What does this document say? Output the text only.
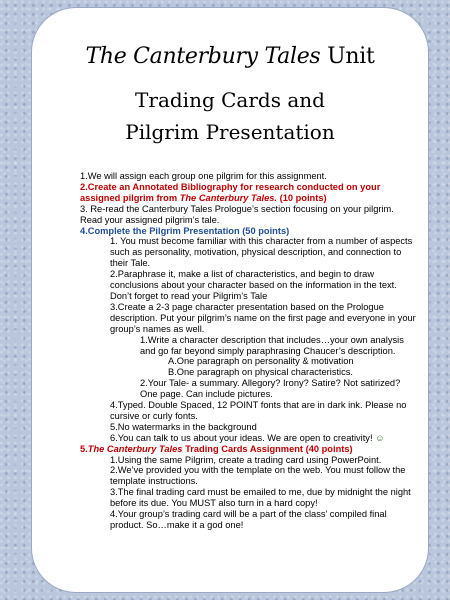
The Canterbury Tales Unit
Trading Cards and
Pilgrim Presentation

1.We will assign each group one pilgrim for this assignment.

2.Create an Annotated Bibliography for research conducted on your assigned pilgrim from The Canterbury Tales. (10 points)

3. Re-read the Canterbury Tales Prologue’s section focusing on your pilgrim. Read your assigned pilgrim’s tale.

4.Complete the Pilgrim Presentation (50 points)

1. You must become familiar with this character from a number of aspects such as personality, motivation, physical description, and connection to their Tale.

2.Paraphrase it, make a list of characteristics, and begin to draw conclusions about your character based on the information in the text. Don’t forget to read your Pilgrim’s Tale

3.Create a 2-3 page character presentation based on the Prologue description. Put your pilgrim’s name on the first page and everyone in your group’s names as well.

1.Write a character description that includes…your own analysis and go far beyond simply paraphrasing Chaucer’s description.

A.One paragraph on personality & motivation

B.One paragraph on physical characteristics.

2.Your Tale- a summary. Allegory? Irony? Satire? Not satirized? One page. Can include pictures.

4.Typed. Double Spaced, 12 POINT fonts that are in dark ink. Please no cursive or curly fonts.

5.No watermarks in the background

6.You can talk to us about your ideas. We are open to creativity! ☺

5.The Canterbury Tales Trading Cards Assignment (40 points)

1.Using the same Pilgrim, create a trading card using PowerPoint.

2.We’ve provided you with the template on the web. You must follow the template instructions.

3.The final trading card must be emailed to me, due by midnight the night before its due. You MUST also turn in a hard copy!

4.Your group’s trading card will be a part of the class’ compiled final product. So…make it a god one!
